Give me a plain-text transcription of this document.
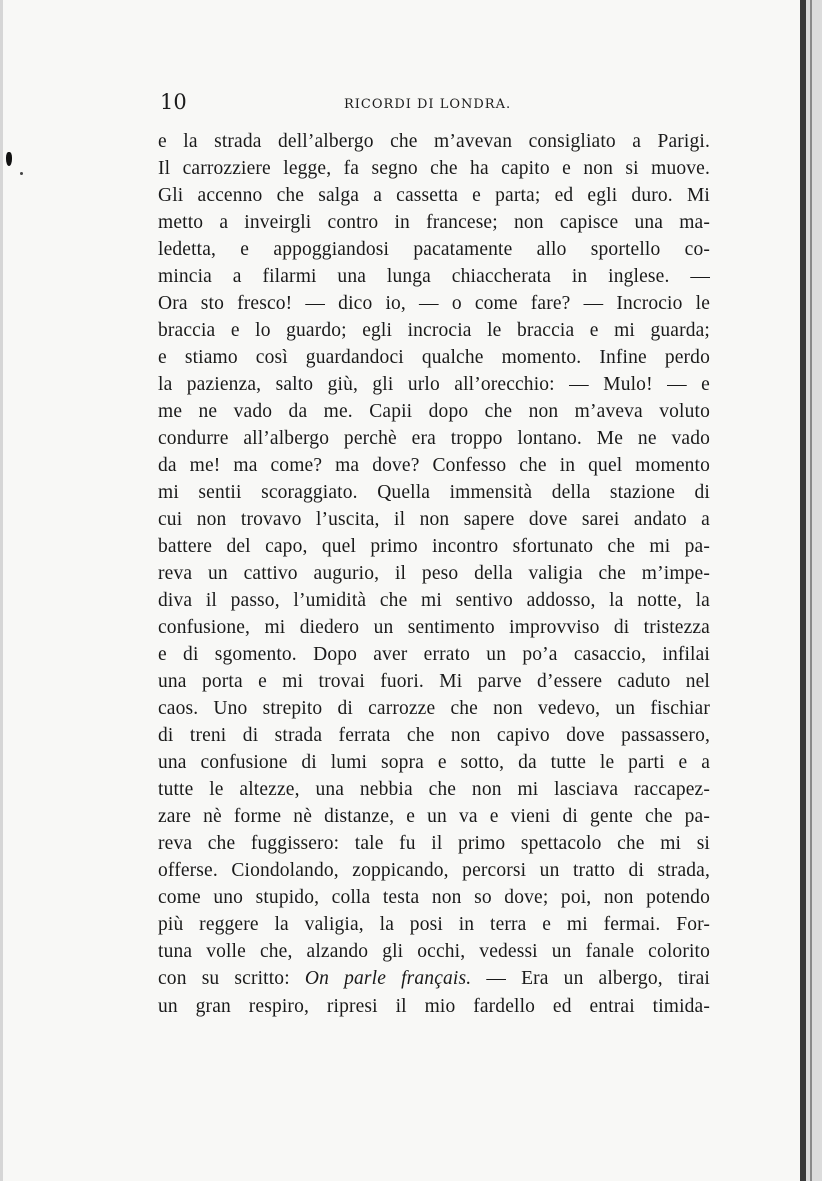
10	RICORDI DI LONDRA.
e la strada dell’albergo che m’avevan consigliato a Parigi.
Il carrozziere legge, fa segno che ha capito e non si muove.
Gli accenno che salga a cassetta e parta; ed egli duro. Mi
metto a inveirgli contro in francese; non capisce una ma-
ledetta, e appoggiandosi pacatamente allo sportello co-
mincia a filarmi una lunga chiaccherata in inglese. —
Ora sto fresco! — dico io, — o come fare? — Incrocio le
braccia e lo guardo; egli incrocia le braccia e mi guarda;
e stiamo così guardandoci qualche momento. Infine perdo
la pazienza, salto giù, gli urlo all’orecchio: — Mulo! — e
me ne vado da me. Capii dopo che non m’aveva voluto
condurre all’albergo perchè era troppo lontano. Me ne vado
da me! ma come? ma dove? Confesso che in quel momento
mi sentii scoraggiato. Quella immensità della stazione di
cui non trovavo l’uscita, il non sapere dove sarei andato a
battere del capo, quel primo incontro sfortunato che mi pa-
reva un cattivo augurio, il peso della valigia che m’impe-
diva il passo, l’umidità che mi sentivo addosso, la notte, la
confusione, mi diedero un sentimento improvviso di tristezza
e di sgomento. Dopo aver errato un po’a casaccio, infilai
una porta e mi trovai fuori. Mi parve d’essere caduto nel
caos. Uno strepito di carrozze che non vedevo, un fischiar
di treni di strada ferrata che non capivo dove passassero,
una confusione di lumi sopra e sotto, da tutte le parti e a
tutte le altezze, una nebbia che non mi lasciava raccapez-
zare nè forme nè distanze, e un va e vieni di gente che pa-
reva che fuggissero: tale fu il primo spettacolo che mi si
offerse. Ciondolando, zoppicando, percorsi un tratto di strada,
come uno stupido, colla testa non so dove; poi, non potendo
più reggere la valigia, la posi in terra e mi fermai. For-
tuna volle che, alzando gli occhi, vedessi un fanale colorito
con su scritto: On parle français. — Era un albergo, tirai
un gran respiro, ripresi il mio fardello ed entrai timida-
